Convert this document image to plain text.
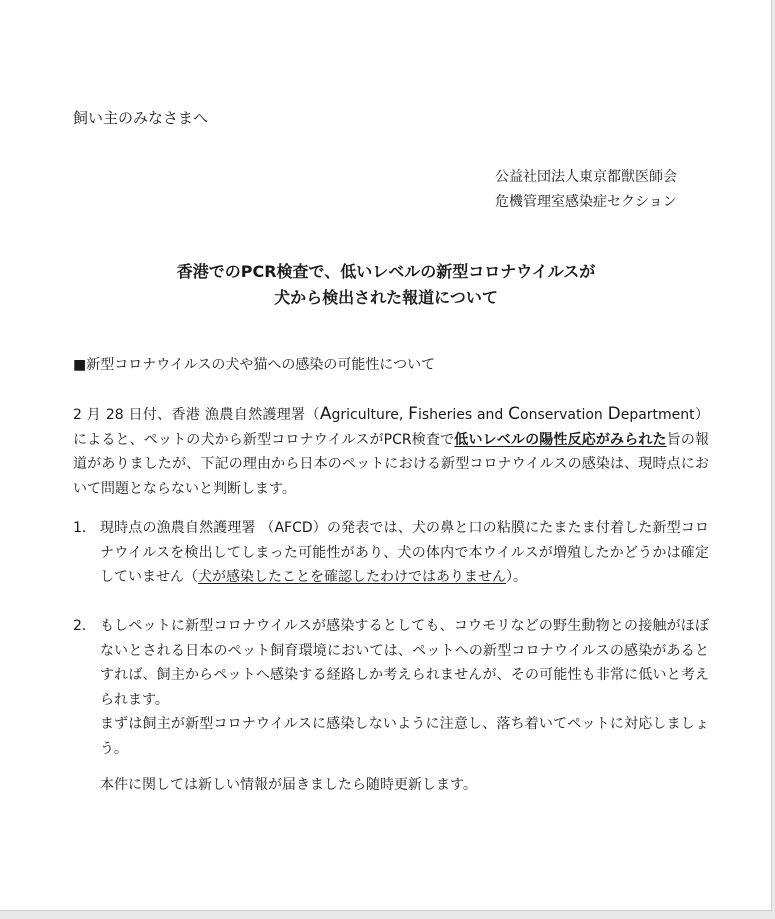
飼い主のみなさまへ
公益社団法人東京都獣医師会
危機管理室感染症セクション
香港でのPCR検査で、低いレベルの新型コロナウイルスが
犬から検出された報道について
■新型コロナウイルスの犬や猫への感染の可能性について
2 月 28 日付、香港 漁農自然護理署（Agriculture, Fisheries and Conservation Department）によると、ペットの犬から新型コロナウイルスがPCR検査で低いレベルの陽性反応がみられた旨の報道がありましたが、下記の理由から日本のペットにおける新型コロナウイルスの感染は、現時点において問題とならないと判断します。
1． 現時点の漁農自然護理署 （AFCD）の発表では、犬の鼻と口の粘膜にたまたま付着した新型コロナウイルスを検出してしまった可能性があり、犬の体内で本ウイルスが増殖したかどうかは確定していません（犬が感染したことを確認したわけではありません）。
2． もしペットに新型コロナウイルスが感染するとしても、コウモリなどの野生動物との接触がほぼないとされる日本のペット飼育環境においては、ペットへの新型コロナウイルスの感染があるとすれば、飼主からペットへ感染する経路しか考えられませんが、その可能性も非常に低いと考えられます。
まずは飼主が新型コロナウイルスに感染しないように注意し、落ち着いてペットに対応しましょう。
本件に関しては新しい情報が届きましたら随時更新します。
